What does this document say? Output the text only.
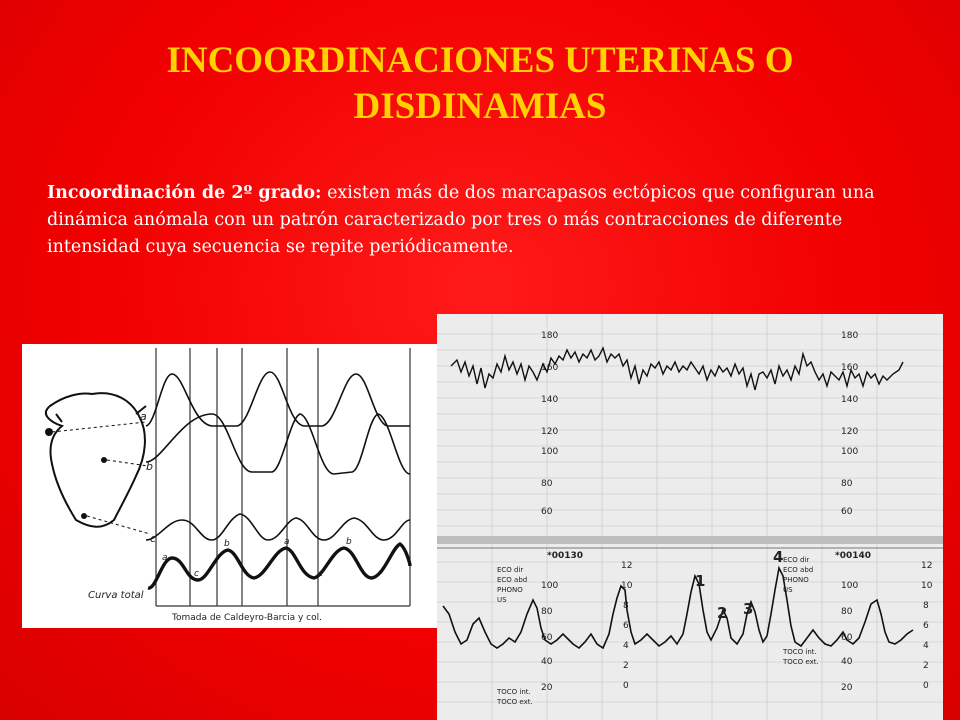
INCOORDINACIONES UTERINAS O
DISDINAMIAS
Incoordinación de 2º grado: existen más de dos marcapasos ectópicos que configuran una dinámica anómala con un patrón caracterizado por tres o más contracciones de diferente intensidad cuya secuencia se repite periódicamente.
a
b
c
a
c
b	a
c
b
Curva total
Tomada de Caldeyro-Barcia y col.
180
160
140
120
100
80
60
180
160
140
120
100
80
60
*00130	*00140
ECO dir
ECO abd
PHONO
US
ECO dir
ECO abd
PHONO
US
TOCO int.
TOCO ext.
TOCO int.
TOCO ext.
100
80
60
40
20
100
80
60
40
20
12
10
8
6
4
2
0
12
10
8
6
4
2
0
1
2 3
4
